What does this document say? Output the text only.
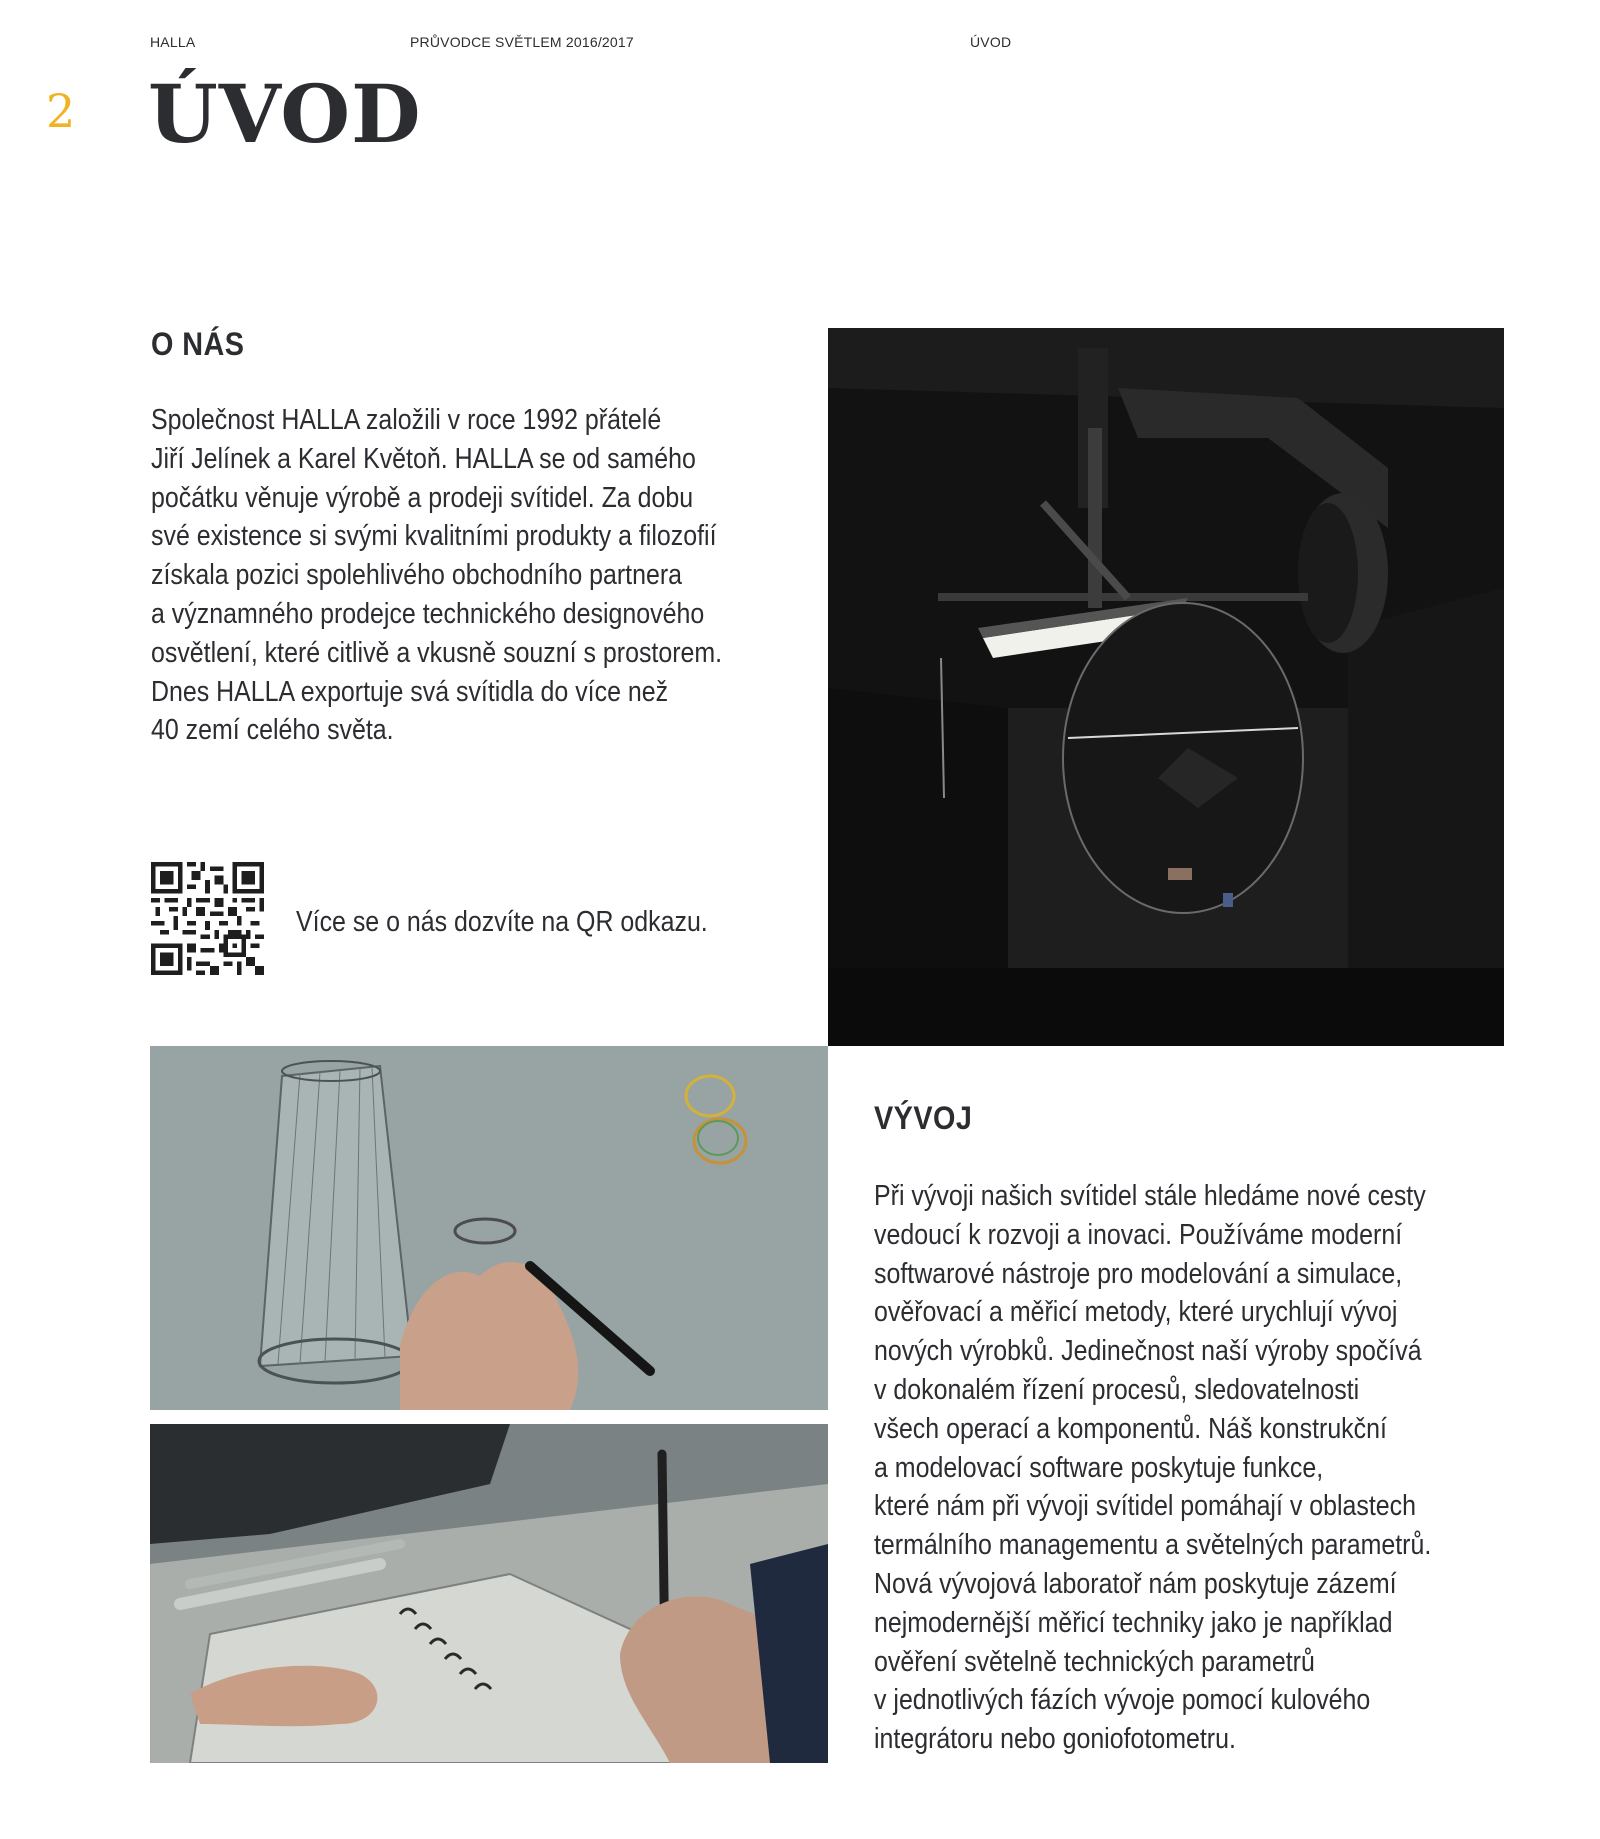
HALLA	PRŮVODCE SVĚTLEM 2016/2017	ÚVOD
2 ÚVOD
O NÁS

Společnost HALLA založili v roce 1992 přátelé
Jiří Jelínek a Karel Květoň. HALLA se od samého
počátku věnuje výrobě a prodeji svítidel. Za dobu
své existence si svými kvalitními produkty a filozofií
získala pozici spolehlivého obchodního partnera
a významného prodejce technického designového
osvětlení, které citlivě a vkusně souzní s prostorem.
Dnes HALLA exportuje svá svítidla do více než
40 zemí celého světa.

Více se o nás dozvíte na QR odkazu.

VÝVOJ

Při vývoji našich svítidel stále hledáme nové cesty
vedoucí k rozvoji a inovaci. Používáme moderní
softwarové nástroje pro modelování a simulace,
ověřovací a měřicí metody, které urychlují vývoj
nových výrobků. Jedinečnost naší výroby spočívá
v dokonalém řízení procesů, sledovatelnosti
všech operací a komponentů. Náš konstrukční
a modelovací software poskytuje funkce,
které nám při vývoji svítidel pomáhají v oblastech
termálního managementu a světelných parametrů.
Nová vývojová laboratoř nám poskytuje zázemí
nejmodernější měřicí techniky jako je například
ověření světelně technických parametrů
v jednotlivých fázích vývoje pomocí kulového
integrátoru nebo goniofotometru.
